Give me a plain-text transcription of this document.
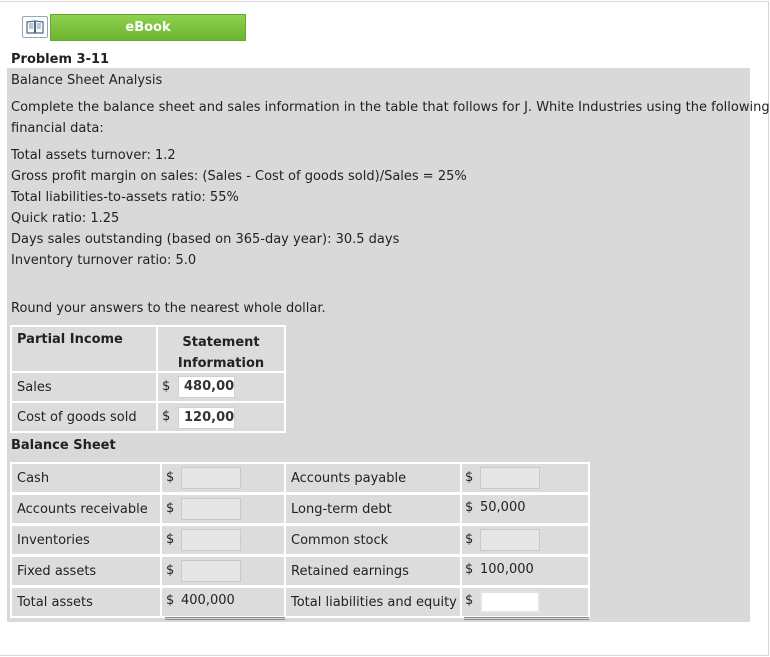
eBook
Problem 3-11
Balance Sheet Analysis
Complete the balance sheet and sales information in the table that follows for J. White Industries using the following
financial data:
Total assets turnover: 1.2
Gross profit margin on sales: (Sales - Cost of goods sold)/Sales = 25%
Total liabilities-to-assets ratio: 55%
Quick ratio: 1.25
Days sales outstanding (based on 365-day year): 30.5 days
Inventory turnover ratio: 5.0
Round your answers to the nearest whole dollar.
Partial Income	Statement
Information
Sales	$	480,00
Cost of goods sold	$	120,00
Balance Sheet
Cash	$	Accounts payable	$
Accounts receivable	$	Long-term debt	$ 50,000
Inventories	$	Common stock	$
Fixed assets	$	Retained earnings	$ 100,000
Total assets	$ 400,000	Total liabilities and equity $
